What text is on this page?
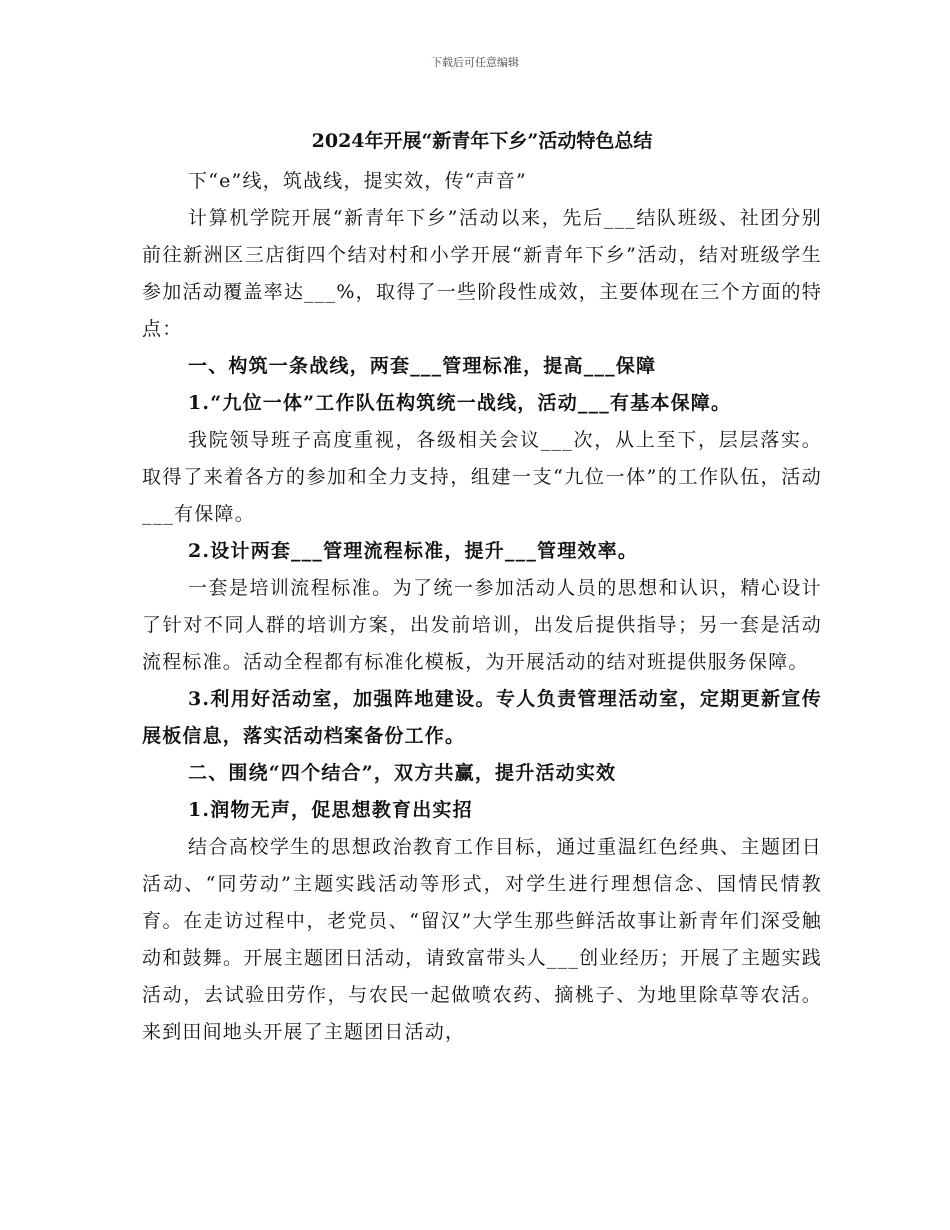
下载后可任意编辑
2024年开展“新青年下乡”活动特色总结

下“e”线，筑战线，提实效，传“声音”

计算机学院开展“新青年下乡”活动以来，先后___结队班级、社团分别前往新洲区三店街四个结对村和小学开展“新青年下乡”活动，结对班级学生参加活动覆盖率达___%，取得了一些阶段性成效，主要体现在三个方面的特点：

一、构筑一条战线，两套___管理标准，提高___保障

1.“九位一体”工作队伍构筑统一战线，活动___有基本保障。

我院领导班子高度重视，各级相关会议___次，从上至下，层层落实。取得了来着各方的参加和全力支持，组建一支“九位一体”的工作队伍，活动___有保障。

2.设计两套___管理流程标准，提升___管理效率。

一套是培训流程标准。为了统一参加活动人员的思想和认识，精心设计了针对不同人群的培训方案，出发前培训，出发后提供指导；另一套是活动流程标准。活动全程都有标准化模板，为开展活动的结对班提供服务保障。

3.利用好活动室，加强阵地建设。专人负责管理活动室，定期更新宣传展板信息，落实活动档案备份工作。

二、围绕“四个结合”，双方共赢，提升活动实效

1.润物无声，促思想教育出实招

结合高校学生的思想政治教育工作目标，通过重温红色经典、主题团日活动、“同劳动”主题实践活动等形式，对学生进行理想信念、国情民情教育。在走访过程中，老党员、“留汉”大学生那些鲜活故事让新青年们深受触动和鼓舞。开展主题团日活动，请致富带头人___创业经历；开展了主题实践活动，去试验田劳作，与农民一起做喷农药、摘桃子、为地里除草等农活。来到田间地头开展了主题团日活动，
